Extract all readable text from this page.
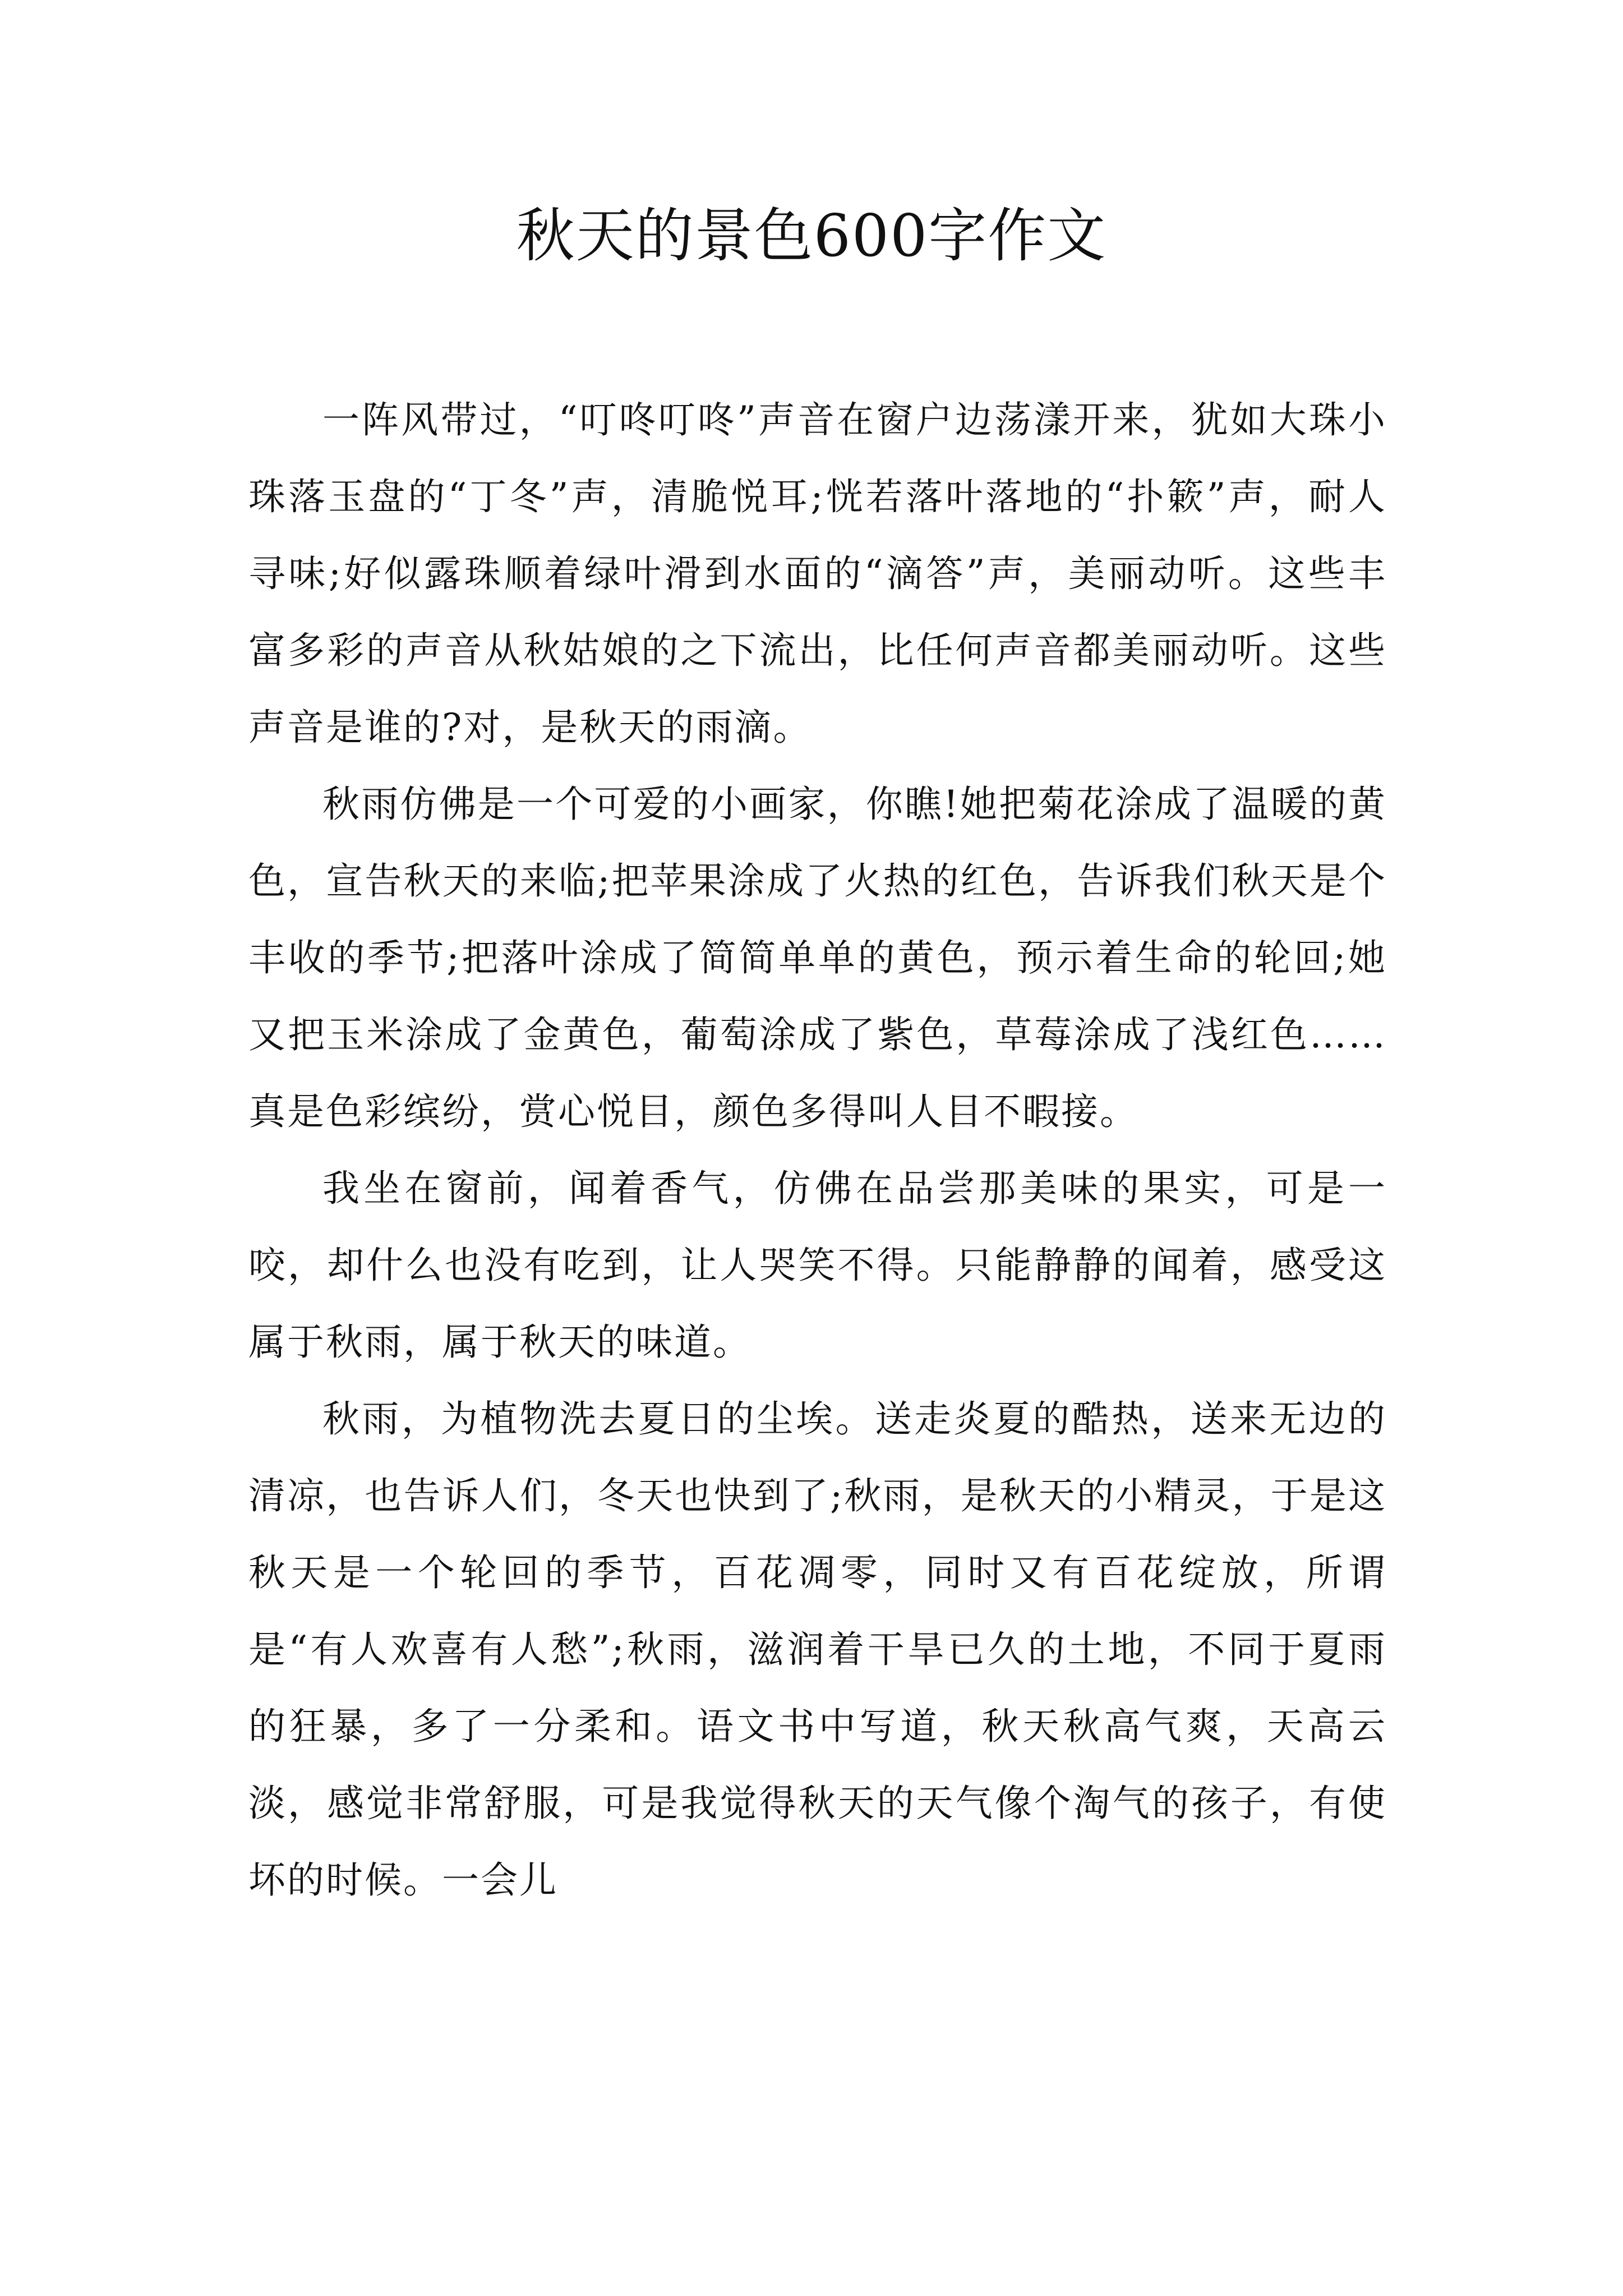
秋天的景色600字作文

一阵风带过，“叮咚叮咚”声音在窗户边荡漾开来，犹如大珠小珠落玉盘的“丁冬”声，清脆悦耳;恍若落叶落地的“扑簌”声，耐人寻味;好似露珠顺着绿叶滑到水面的“滴答”声，美丽动听。这些丰富多彩的声音从秋姑娘的之下流出，比任何声音都美丽动听。这些声音是谁的?对，是秋天的雨滴。

秋雨仿佛是一个可爱的小画家，你瞧!她把菊花涂成了温暖的黄色，宣告秋天的来临;把苹果涂成了火热的红色，告诉我们秋天是个丰收的季节;把落叶涂成了简简单单的黄色，预示着生命的轮回;她又把玉米涂成了金黄色，葡萄涂成了紫色，草莓涂成了浅红色……真是色彩缤纷，赏心悦目，颜色多得叫人目不暇接。

我坐在窗前，闻着香气，仿佛在品尝那美味的果实，可是一咬，却什么也没有吃到，让人哭笑不得。只能静静的闻着，感受这属于秋雨，属于秋天的味道。

秋雨，为植物洗去夏日的尘埃。送走炎夏的酷热，送来无边的清凉，也告诉人们，冬天也快到了;秋雨，是秋天的小精灵，于是这秋天是一个轮回的季节，百花凋零，同时又有百花绽放，所谓是“有人欢喜有人愁”;秋雨，滋润着干旱已久的土地，不同于夏雨的狂暴，多了一分柔和。语文书中写道，秋天秋高气爽，天高云淡，感觉非常舒服，可是我觉得秋天的天气像个淘气的孩子，有使坏的时候。一会儿
